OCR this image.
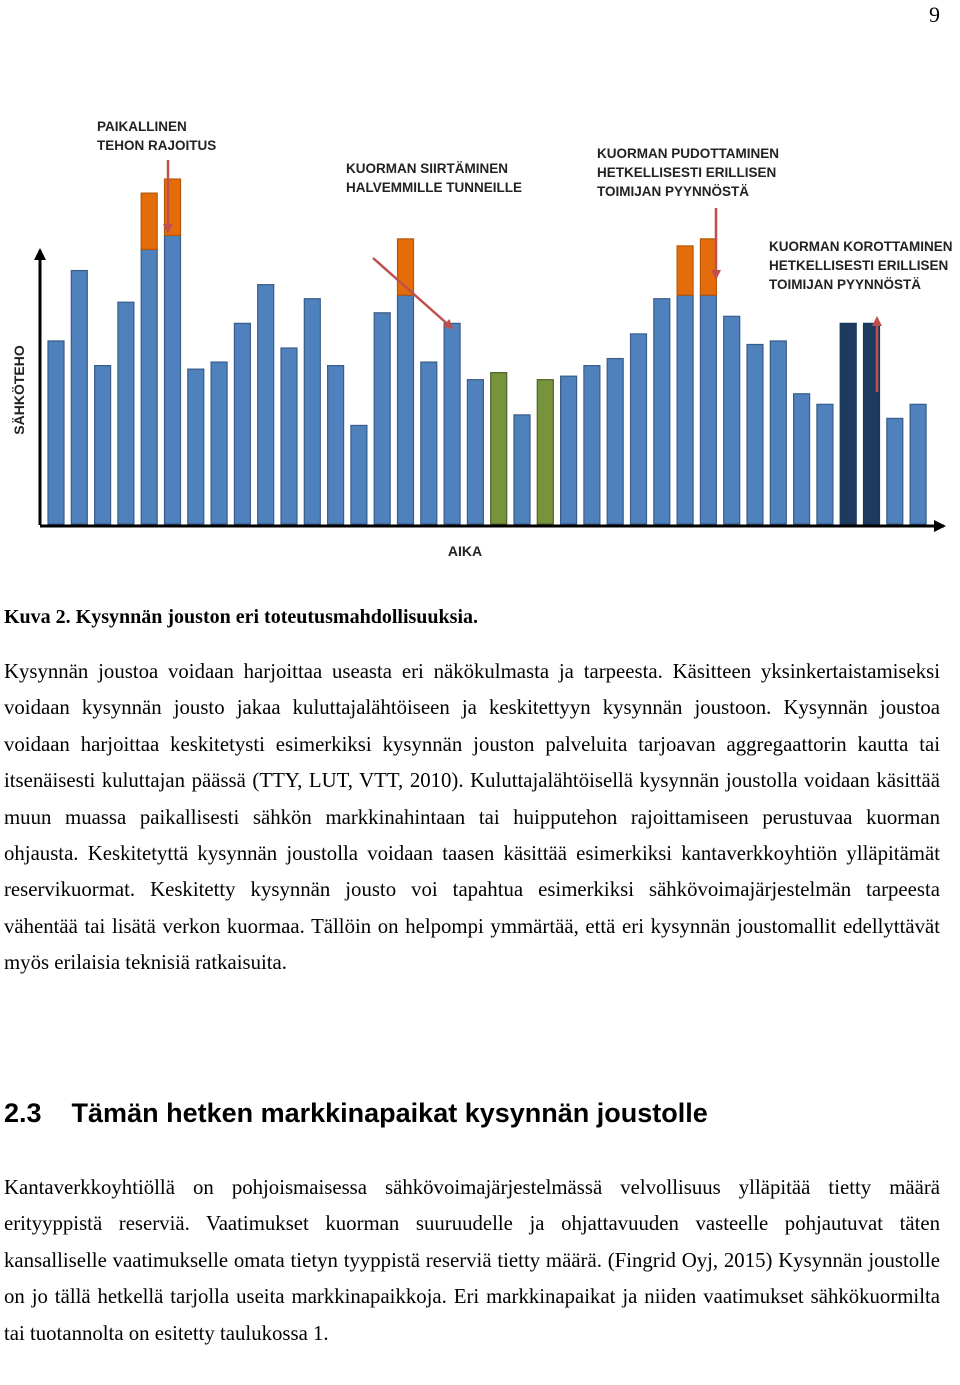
9
SÄHKÖTEHO
AIKA
PAIKALLINEN TEHON RAJOITUS
KUORMAN SIIRTÄMINEN HALVEMMILLE TUNNEILLE
KUORMAN PUDOTTAMINEN HETKELLISESTI ERILLISEN TOIMIJAN PYYNNÖSTÄ
KUORMAN KOROTTAMINEN HETKELLISESTI ERILLISEN TOIMIJAN PYYNNÖSTÄ

Kuva 2. Kysynnän jouston eri toteutusmahdollisuuksia.

Kysynnän joustoa voidaan harjoittaa useasta eri näkökulmasta ja tarpeesta. Käsitteen yksinkertaistamiseksi voidaan kysynnän jousto jakaa kuluttajalähtöiseen ja keskitettyyn kysynnän joustoon. Kysynnän joustoa voidaan harjoittaa keskitetysti esimerkiksi kysynnän jouston palveluita tarjoavan aggregaattorin kautta tai itsenäisesti kuluttajan päässä (TTY, LUT, VTT, 2010). Kuluttajalähtöisellä kysynnän joustolla voidaan käsittää muun muassa paikallisesti sähkön markkinahintaan tai huipputehon rajoittamiseen perustuvaa kuorman ohjausta. Keskitetyttä kysynnän joustolla voidaan taasen käsittää esimerkiksi kantaverkkoyhtiön ylläpitämät reservikuormat. Keskitetty kysynnän jousto voi tapahtua esimerkiksi sähkövoimajärjestelmän tarpeesta vähentää tai lisätä verkon kuormaa. Tällöin on helpompi ymmärtää, että eri kysynnän joustomallit edellyttävät myös erilaisia teknisiä ratkaisuita.

2.3 Tämän hetken markkinapaikat kysynnän joustolle

Kantaverkkoyhtiöllä on pohjoismaisessa sähkövoimajärjestelmässä velvollisuus ylläpitää tietty määrä erityyppistä reserviä. Vaatimukset kuorman suuruudelle ja ohjattavuuden vasteelle pohjautuvat täten kansalliselle vaatimukselle omata tietyn tyyppistä reserviä tietty määrä. (Fingrid Oyj, 2015) Kysynnän joustolle on jo tällä hetkellä tarjolla useita markkinapaikkoja. Eri markkinapaikat ja niiden vaatimukset sähkökuormilta tai tuotannolta on esitetty taulukossa 1.
